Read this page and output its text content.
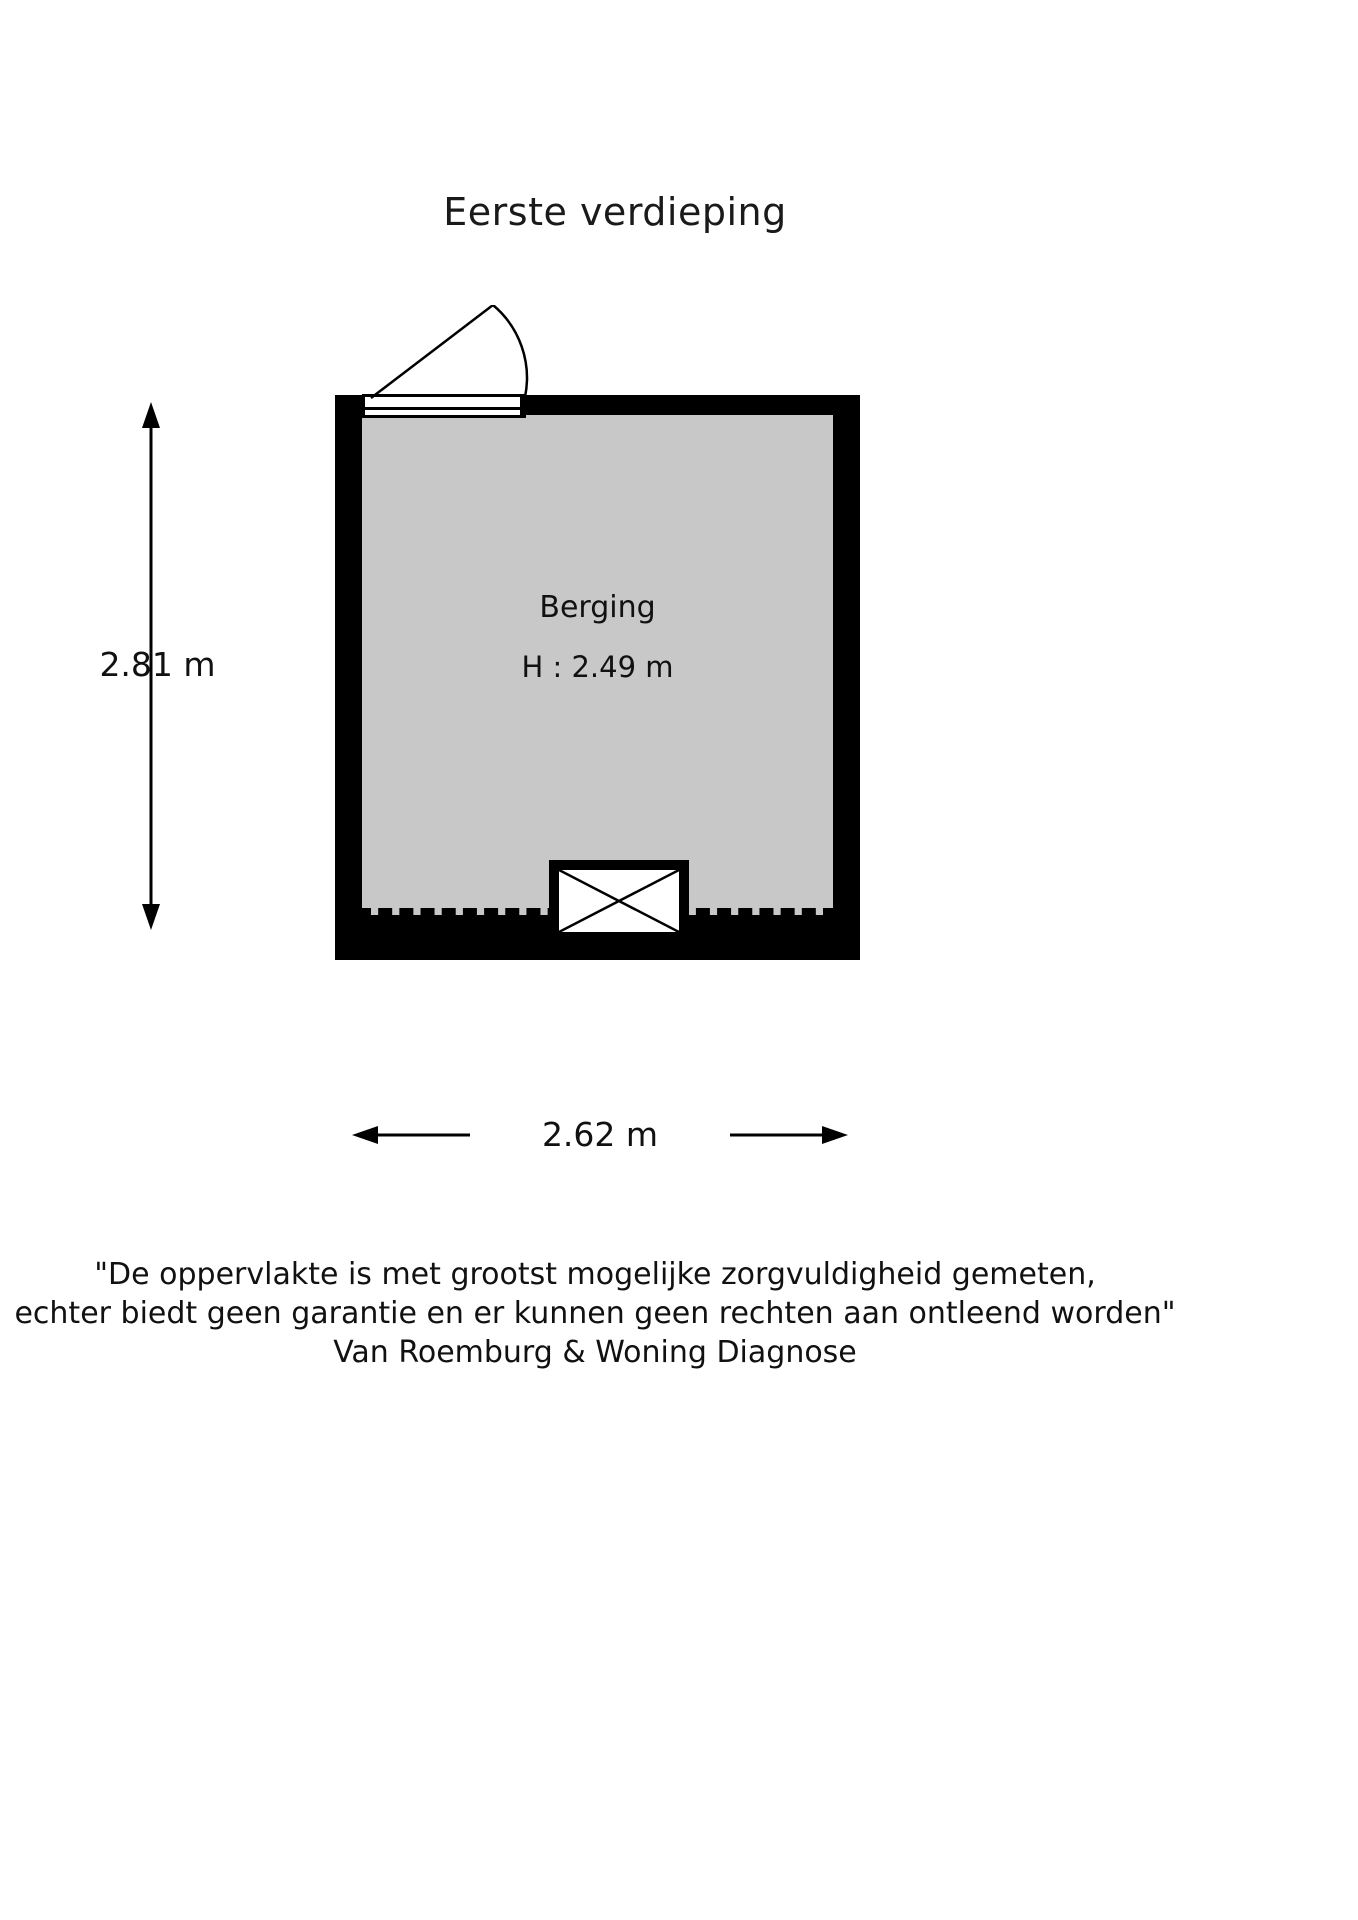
Eerste verdieping
Berging
H : 2.49 m
2.81 m
2.62 m
"De oppervlakte is met grootst mogelijke zorgvuldigheid gemeten,
echter biedt geen garantie en er kunnen geen rechten aan ontleend worden"
Van Roemburg & Woning Diagnose
